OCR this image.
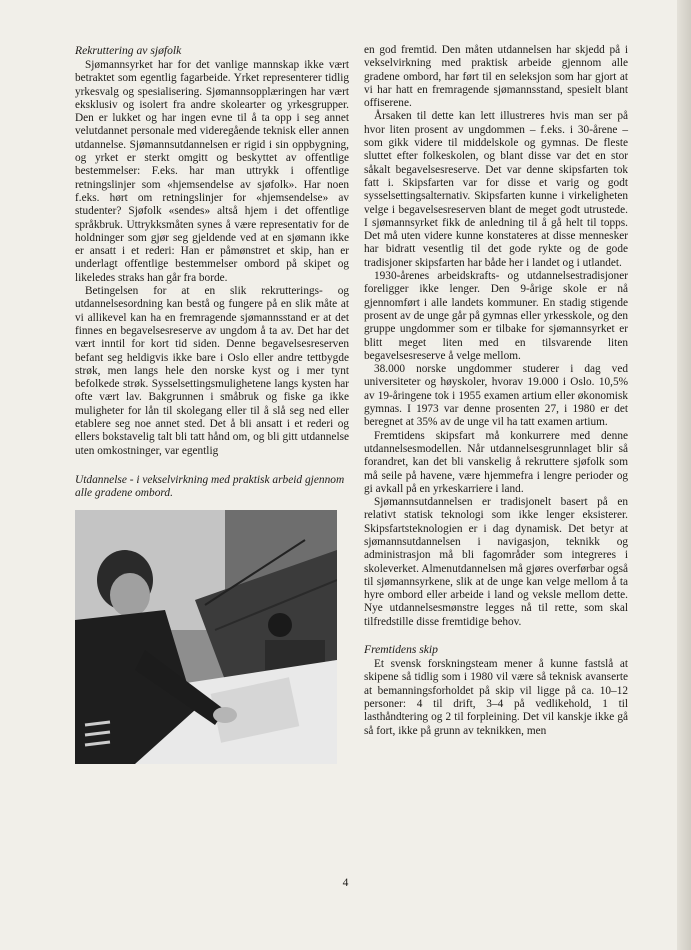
Rekruttering av sjøfolk

Sjømannsyrket har for det vanlige mannskap ikke vært betraktet som egentlig fagarbeide. Yrket representerer tidlig yrkesvalg og spesialisering. Sjømannsopplæringen har vært eksklusiv og isolert fra andre skolearter og yrkesgrupper. Den er lukket og har ingen evne til å ta opp i seg annet velutdannet personale med videregående teknisk eller annen utdannelse. Sjømannsutdannelsen er rigid i sin oppbygning, og yrket er sterkt omgitt og beskyttet av offentlige bestemmelser: F.eks. har man uttrykk i offentlige retningslinjer som «hjemsendelse av sjøfolk». Har noen f.eks. hørt om retningslinjer for «hjemsendelse» av studenter? Sjøfolk «sendes» altså hjem i det offentlige språkbruk. Uttrykksmåten synes å være representativ for de holdninger som gjør seg gjeldende ved at en sjømann ikke er ansatt i et rederi: Han er påmønstret et skip, han er underlagt offentlige bestemmelser ombord på skipet og likeledes straks han går fra borde.

Betingelsen for at en slik rekrutterings- og utdannelsesordning kan bestå og fungere på en slik måte at vi allikevel kan ha en fremragende sjømannsstand er at det finnes en begavelsesreserve av ungdom å ta av. Det har det vært inntil for kort tid siden. Denne begavelsesreserven befant seg heldigvis ikke bare i Oslo eller andre tettbygde strøk, men langs hele den norske kyst og i mer tynt befolkede strøk. Sysselsettingsmulighetene langs kysten har ofte vært lav. Bakgrunnen i småbruk og fiske ga ikke muligheter for lån til skolegang eller til å slå seg ned eller etablere seg noe annet sted. Det å bli ansatt i et rederi og ellers bokstavelig talt bli tatt hånd om, og bli gitt utdannelse uten omkostninger, var egentlig

Utdannelse - i vekselvirkning med praktisk arbeid gjennom alle gradene ombord.

en god fremtid. Den måten utdannelsen har skjedd på i vekselvirkning med praktisk arbeide gjennom alle gradene ombord, har ført til en seleksjon som har gjort at vi har hatt en fremragende sjømannsstand, spesielt blant offiserene.

Årsaken til dette kan lett illustreres hvis man ser på hvor liten prosent av ungdommen – f.eks. i 30-årene – som gikk videre til middelskole og gymnas. De fleste sluttet efter folkeskolen, og blant disse var det en stor såkalt begavelsesreserve. Det var denne skipsfarten tok fatt i. Skipsfarten var for disse et varig og godt sysselsettingsalternativ. Skipsfarten kunne i virkeligheten velge i begavelsesreserven blant de meget godt utrustede. I sjømannsyrket fikk de anledning til å gå helt til topps. Det må uten videre kunne konstateres at disse mennesker har bidratt vesentlig til det gode rykte og de gode tradisjoner skipsfarten har både her i landet og i utlandet.

1930-årenes arbeidskrafts- og utdannelsestradisjoner foreligger ikke lenger. Den 9-årige skole er nå gjennomført i alle landets kommuner. En stadig stigende prosent av de unge går på gymnas eller yrkesskole, og den gruppe ungdommer som er tilbake for sjømannsyrket er blitt meget liten med en tilsvarende liten begavelsesreserve å velge mellom.

38.000 norske ungdommer studerer i dag ved universiteter og høyskoler, hvorav 19.000 i Oslo. 10,5% av 19-åringene tok i 1955 examen artium eller økonomisk gymnas. I 1973 var denne prosenten 27, i 1980 er det beregnet at 35% av de unge vil ha tatt examen artium.

Fremtidens skipsfart må konkurrere med denne utdannelsesmodellen. Når utdannelsesgrunnlaget blir så forandret, kan det bli vanskelig å rekruttere sjøfolk som må seile på havene, være hjemmefra i lengre perioder og gi avkall på en yrkeskarriere i land.

Sjømannsutdannelsen er tradisjonelt basert på en relativt statisk teknologi som ikke lenger eksisterer. Skipsfartsteknologien er i dag dynamisk. Det betyr at sjømannsutdannelsen i navigasjon, teknikk og administrasjon må bli fagområder som integreres i skoleverket. Almenutdannelsen må gjøres overførbar også til sjømannsyrkene, slik at de unge kan velge mellom å ta hyre ombord eller arbeide i land og veksle mellom dette. Nye utdannelsesmønstre legges nå til rette, som skal tilfredstille disse fremtidige behov.

Fremtidens skip

Et svensk forskningsteam mener å kunne fastslå at skipene så tidlig som i 1980 vil være så teknisk avanserte at bemanningsforholdet på skip vil ligge på ca. 10–12 personer: 4 til drift, 3–4 på vedlikehold, 1 til lasthåndtering og 2 til forpleining. Det vil kanskje ikke gå så fort, ikke på grunn av teknikken, men

4
